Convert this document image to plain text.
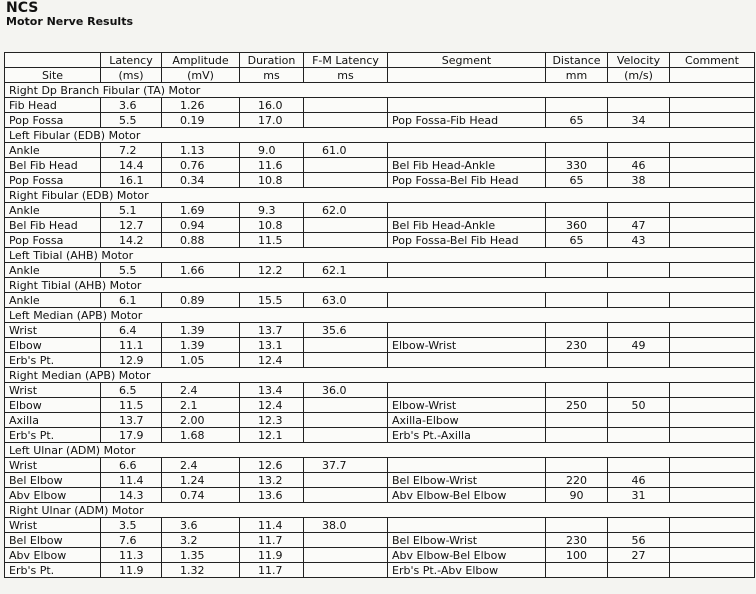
NCS
Motor Nerve Results
	Latency	Amplitude	Duration	F-M Latency	Segment	Distance	Velocity	Comment
Site	(ms)	(mV)	ms	ms		mm	(m/s)	
Right Dp Branch Fibular (TA) Motor								
Fib Head	3.6	1.26	16.0					
Pop Fossa	5.5	0.19	17.0		Pop Fossa-Fib Head	65	34	
Left Fibular (EDB) Motor								
Ankle	7.2	1.13	9.0	61.0				
Bel Fib Head	14.4	0.76	11.6		Bel Fib Head-Ankle	330	46	
Pop Fossa	16.1	0.34	10.8		Pop Fossa-Bel Fib Head	65	38	
Right Fibular (EDB) Motor								
Ankle	5.1	1.69	9.3	62.0				
Bel Fib Head	12.7	0.94	10.8		Bel Fib Head-Ankle	360	47	
Pop Fossa	14.2	0.88	11.5		Pop Fossa-Bel Fib Head	65	43	
Left Tibial (AHB) Motor								
Ankle	5.5	1.66	12.2	62.1				
Right Tibial (AHB) Motor								
Ankle	6.1	0.89	15.5	63.0				
Left Median (APB) Motor								
Wrist	6.4	1.39	13.7	35.6				
Elbow	11.1	1.39	13.1		Elbow-Wrist	230	49	
Erb's Pt.	12.9	1.05	12.4					
Right Median (APB) Motor								
Wrist	6.5	2.4	13.4	36.0				
Elbow	11.5	2.1	12.4		Elbow-Wrist	250	50	
Axilla	13.7	2.00	12.3		Axilla-Elbow			
Erb's Pt.	17.9	1.68	12.1		Erb's Pt.-Axilla			
Left Ulnar (ADM) Motor								
Wrist	6.6	2.4	12.6	37.7				
Bel Elbow	11.4	1.24	13.2		Bel Elbow-Wrist	220	46	
Abv Elbow	14.3	0.74	13.6		Abv Elbow-Bel Elbow	90	31	
Right Ulnar (ADM) Motor								
Wrist	3.5	3.6	11.4	38.0				
Bel Elbow	7.6	3.2	11.7		Bel Elbow-Wrist	230	56	
Abv Elbow	11.3	1.35	11.9		Abv Elbow-Bel Elbow	100	27	
Erb's Pt.	11.9	1.32	11.7		Erb's Pt.-Abv Elbow			
